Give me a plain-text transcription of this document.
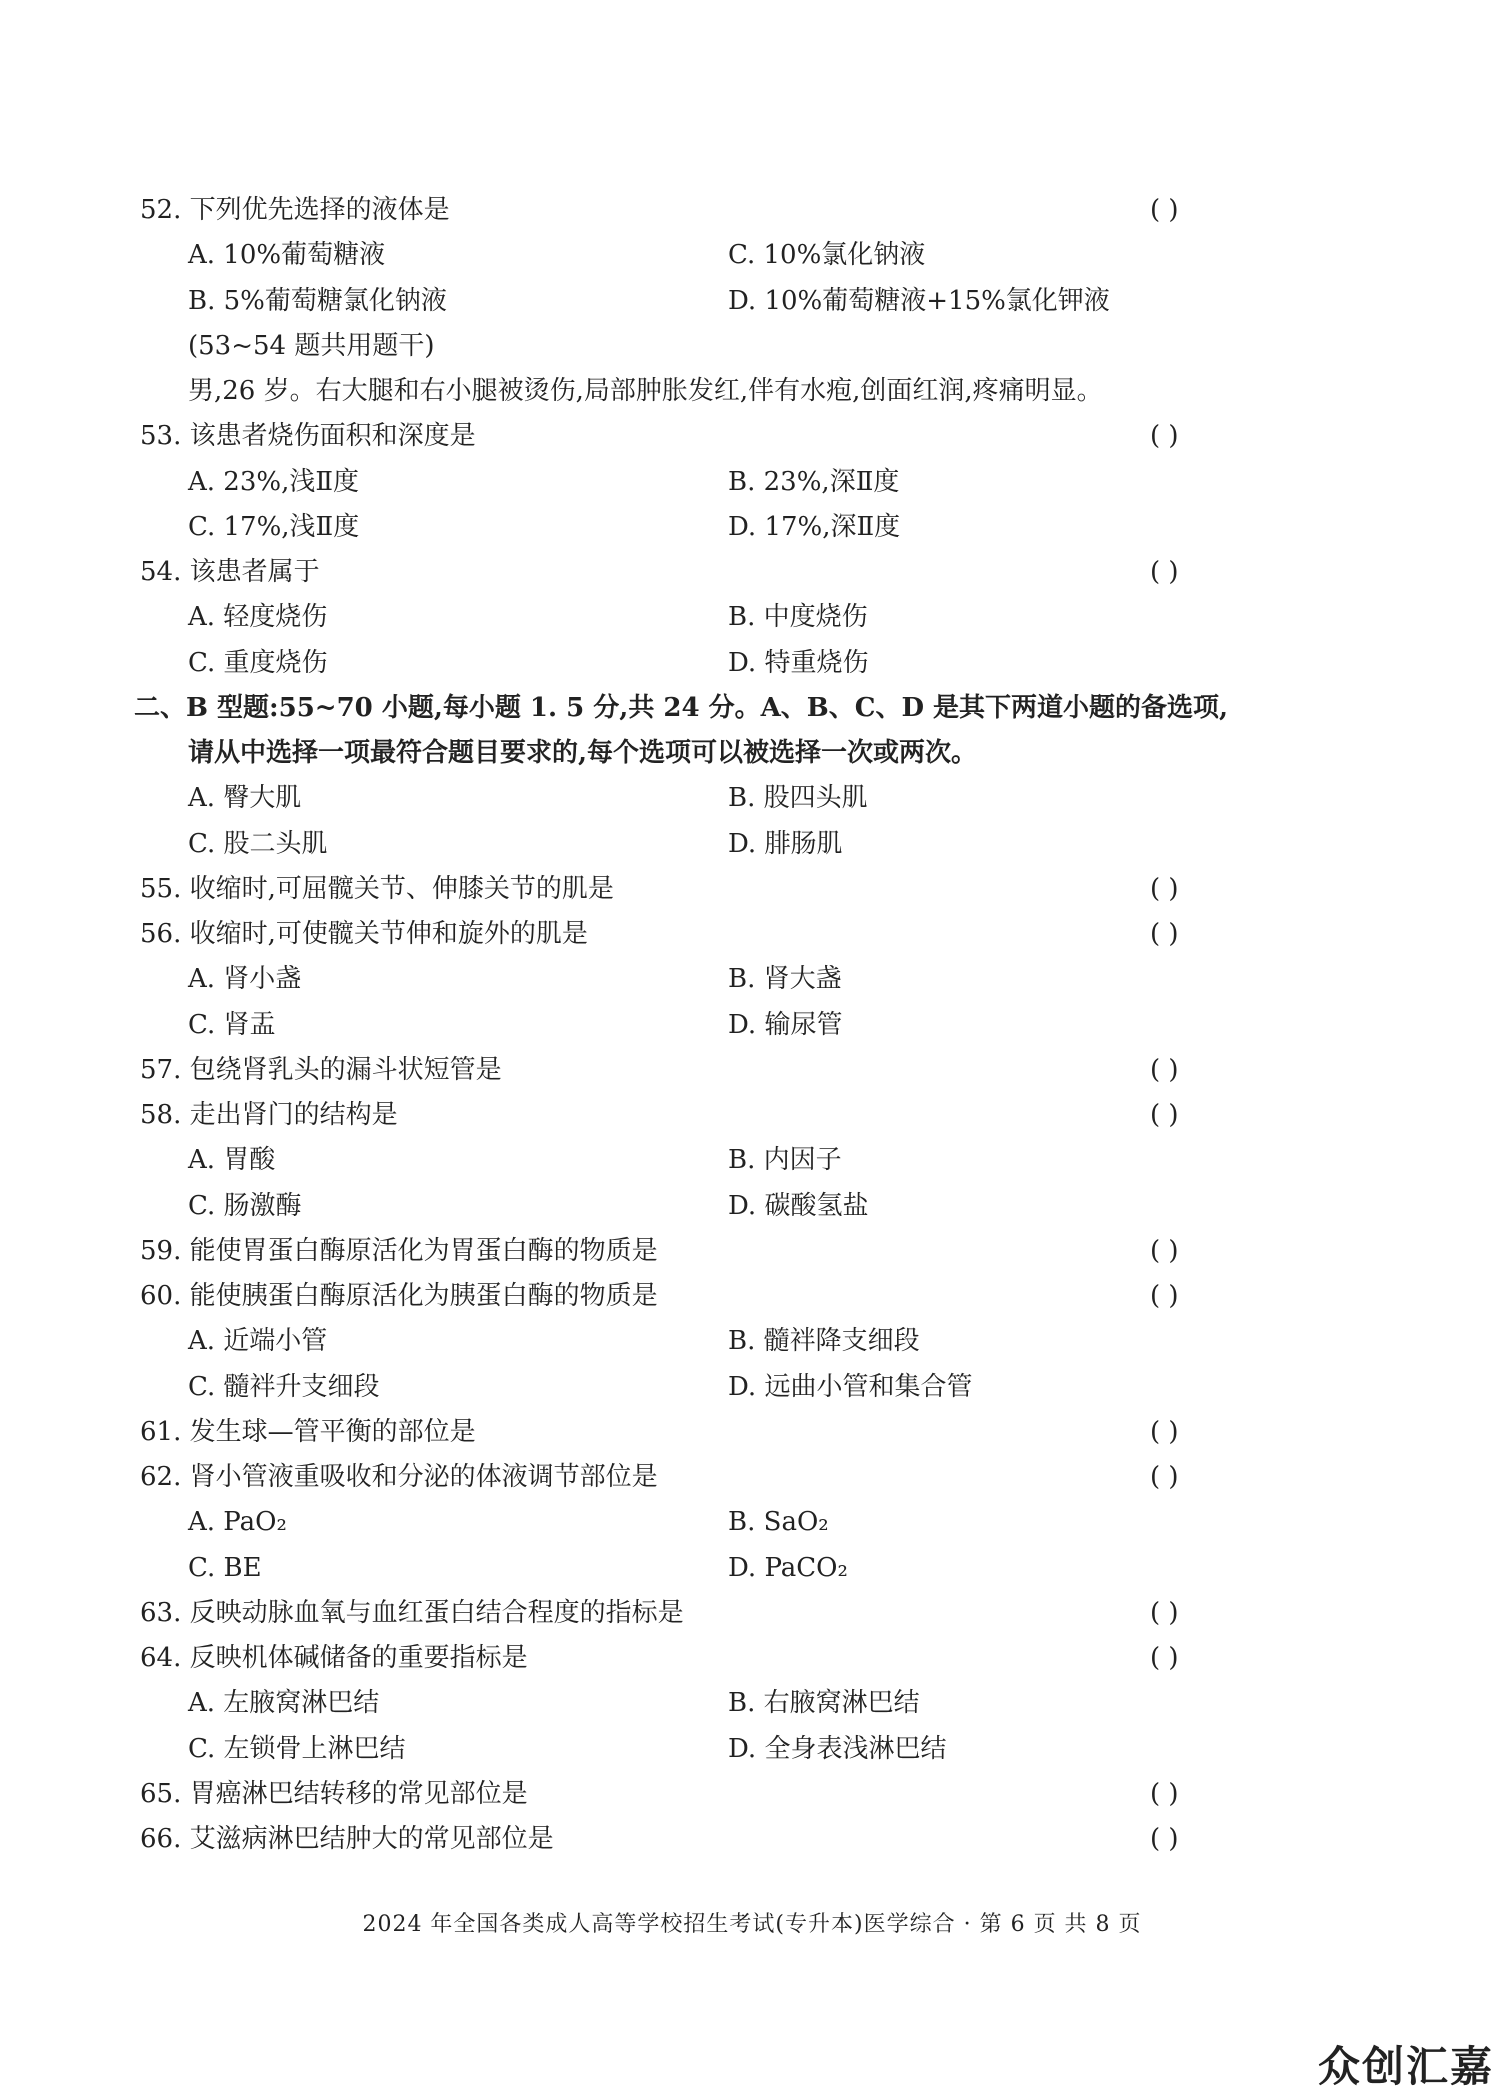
52. 下列优先选择的液体是	( )
A. 10%葡萄糖液	C. 10%氯化钠液
B. 5%葡萄糖氯化钠液	D. 10%葡萄糖液+15%氯化钾液
(53~54 题共用题干)
男,26 岁。右大腿和右小腿被烫伤,局部肿胀发红,伴有水疱,创面红润,疼痛明显。
53. 该患者烧伤面积和深度是	( )
A. 23%,浅Ⅱ度	B. 23%,深Ⅱ度
C. 17%,浅Ⅱ度	D. 17%,深Ⅱ度
54. 该患者属于	( )
A. 轻度烧伤	B. 中度烧伤
C. 重度烧伤	D. 特重烧伤
二、B 型题:55~70 小题,每小题 1. 5 分,共 24 分。A、B、C、D 是其下两道小题的备选项,
请从中选择一项最符合题目要求的,每个选项可以被选择一次或两次。
A. 臀大肌	B. 股四头肌
C. 股二头肌	D. 腓肠肌
55. 收缩时,可屈髋关节、伸膝关节的肌是	( )
56. 收缩时,可使髋关节伸和旋外的肌是	( )
A. 肾小盏	B. 肾大盏
C. 肾盂	D. 输尿管
57. 包绕肾乳头的漏斗状短管是	( )
58. 走出肾门的结构是	( )
A. 胃酸	B. 内因子
C. 肠激酶	D. 碳酸氢盐
59. 能使胃蛋白酶原活化为胃蛋白酶的物质是	( )
60. 能使胰蛋白酶原活化为胰蛋白酶的物质是	( )
A. 近端小管	B. 髓袢降支细段
C. 髓袢升支细段	D. 远曲小管和集合管
61. 发生球—管平衡的部位是	( )
62. 肾小管液重吸收和分泌的体液调节部位是	( )
A. PaO₂	B. SaO₂
C. BE	D. PaCO₂
63. 反映动脉血氧与血红蛋白结合程度的指标是	( )
64. 反映机体碱储备的重要指标是	( )
A. 左腋窝淋巴结	B. 右腋窝淋巴结
C. 左锁骨上淋巴结	D. 全身表浅淋巴结
65. 胃癌淋巴结转移的常见部位是	( )
66. 艾滋病淋巴结肿大的常见部位是	( )
2024 年全国各类成人高等学校招生考试(专升本)医学综合 · 第 6 页 共 8 页
众创汇嘉
